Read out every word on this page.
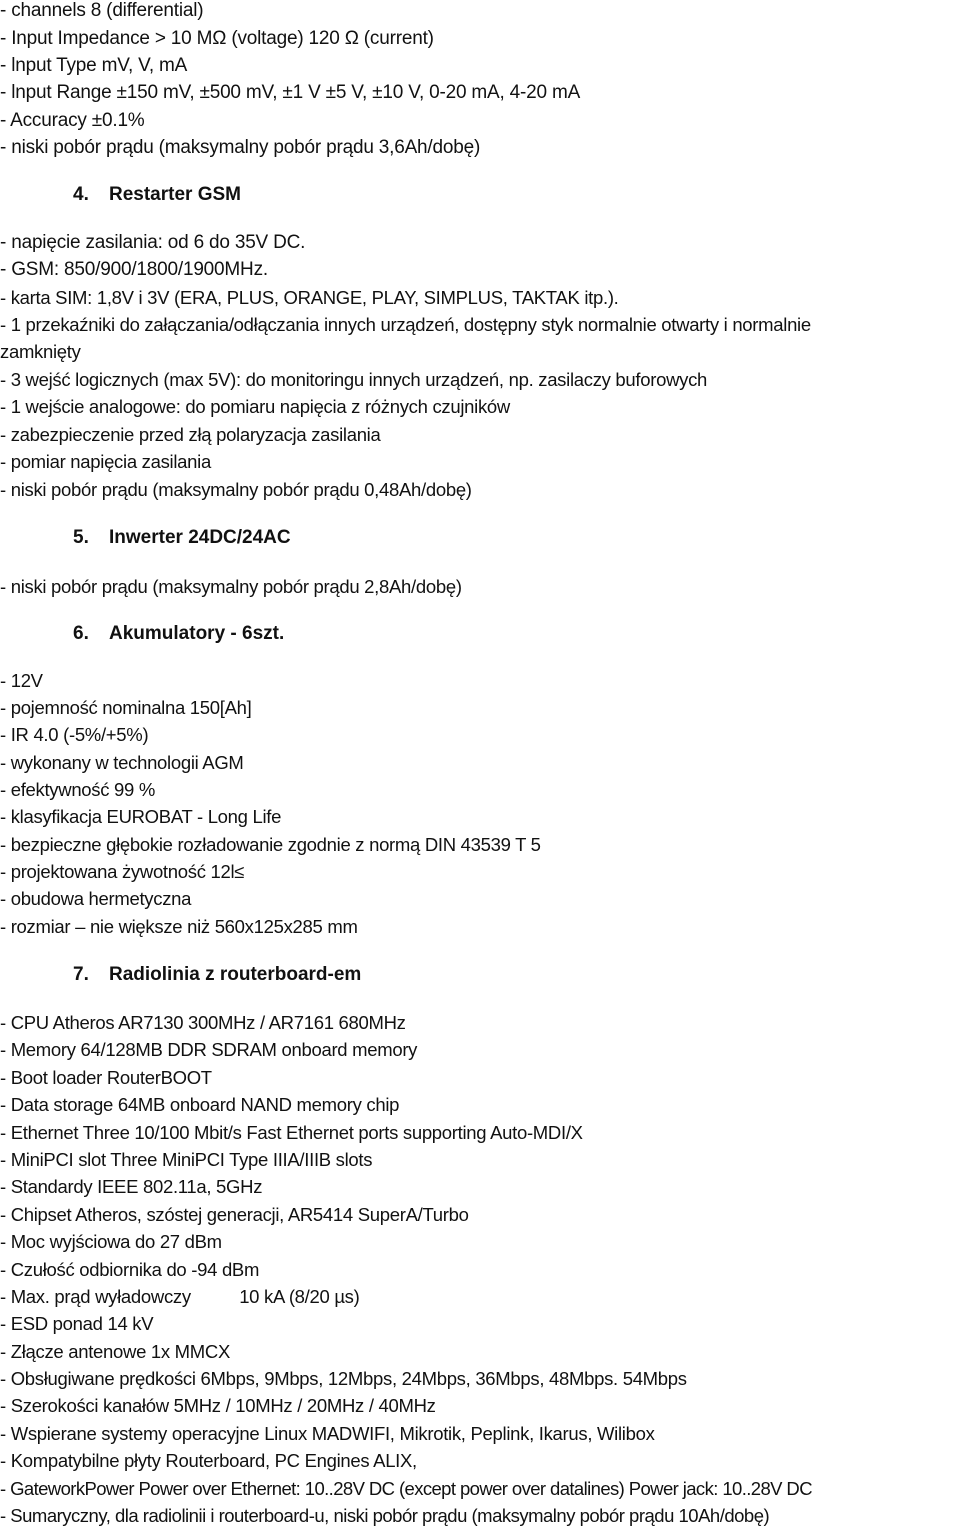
- channels 8 (differential)
- Input Impedance > 10 MΩ (voltage) 120 Ω (current)
- lnput Type mV, V, mA
- lnput Range ±150 mV, ±500 mV, ±1 V ±5 V, ±10 V, 0-20 mA, 4-20 mA
- Accuracy ±0.1%
- niski pobór prądu (maksymalny pobór prądu 3,6Ah/dobę)
4. Restarter GSM
- napięcie zasilania: od 6 do 35V DC.
- GSM: 850/900/1800/1900MHz.
- karta SIM: 1,8V i 3V (ERA, PLUS, ORANGE, PLAY, SIMPLUS, TAKTAK itp.).
- 1 przekaźniki do załączania/odłączania innych urządzeń, dostępny styk normalnie otwarty i normalnie
zamknięty
- 3 wejść logicznych (max 5V): do monitoringu innych urządzeń, np. zasilaczy buforowych
- 1 wejście analogowe: do pomiaru napięcia z różnych czujników
- zabezpieczenie przed złą polaryzacja zasilania
- pomiar napięcia zasilania
- niski pobór prądu (maksymalny pobór prądu 0,48Ah/dobę)
5. Inwerter 24DC/24AC
- niski pobór prądu (maksymalny pobór prądu 2,8Ah/dobę)
6. Akumulatory - 6szt.
- 12V
- pojemność nominalna 150[Ah]
- IR 4.0 (-5%/+5%)
- wykonany w technologii AGM
- efektywność 99 %
- klasyfikacja EUROBAT - Long Life
- bezpieczne głębokie rozładowanie zgodnie z normą DIN 43539 T 5
- projektowana żywotność 12l≤
- obudowa hermetyczna
- rozmiar – nie większe niż 560x125x285 mm
7. Radiolinia z routerboard-em
- CPU Atheros AR7130 300MHz / AR7161 680MHz
- Memory 64/128MB DDR SDRAM onboard memory
- Boot loader RouterBOOT
- Data storage 64MB onboard NAND memory chip
- Ethernet Three 10/100 Mbit/s Fast Ethernet ports supporting Auto-MDI/X
- MiniPCI slot Three MiniPCI Type IIIA/IIIB slots
- Standardy IEEE 802.11a, 5GHz
- Chipset Atheros, szóstej generacji, AR5414 SuperA/Turbo
- Moc wyjściowa do 27 dBm
- Czułość odbiornika do -94 dBm
- Max. prąd wyładowczy          10 kA (8/20 µs)
- ESD ponad 14 kV
- Złącze antenowe 1x MMCX
- Obsługiwane prędkości 6Mbps, 9Mbps, 12Mbps, 24Mbps, 36Mbps, 48Mbps. 54Mbps
- Szerokości kanałów 5MHz / 10MHz / 20MHz / 40MHz
- Wspierane systemy operacyjne Linux MADWIFI, Mikrotik, Peplink, Ikarus, Wilibox
- Kompatybilne płyty Routerboard, PC Engines ALIX,
- GateworkPower Power over Ethernet: 10..28V DC (except power over datalines) Power jack: 10..28V DC
- Sumaryczny, dla radiolinii i routerboard-u, niski pobór prądu (maksymalny pobór prądu 10Ah/dobę)
